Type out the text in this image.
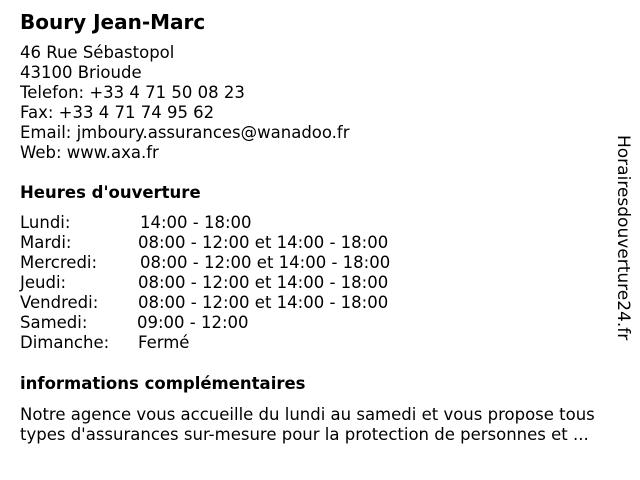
Boury Jean-Marc
46 Rue Sébastopol
43100 Brioude
Telefon: +33 4 71 50 08 23
Fax: +33 4 71 74 95 62
Email: jmboury.assurances@wanadoo.fr
Web: www.axa.fr
Heures d'ouverture
Lundi:	14:00 - 18:00
Mardi:	08:00 - 12:00 et 14:00 - 18:00
Mercredi:	08:00 - 12:00 et 14:00 - 18:00
Jeudi:	08:00 - 12:00 et 14:00 - 18:00
Vendredi: 08:00 - 12:00 et 14:00 - 18:00
Samedi:	09:00 - 12:00
Dimanche: Fermé
informations complémentaires
Notre agence vous accueille du lundi au samedi et vous propose tous
types d'assurances sur-mesure pour la protection de personnes et ...
Horairesdouverture24.fr
